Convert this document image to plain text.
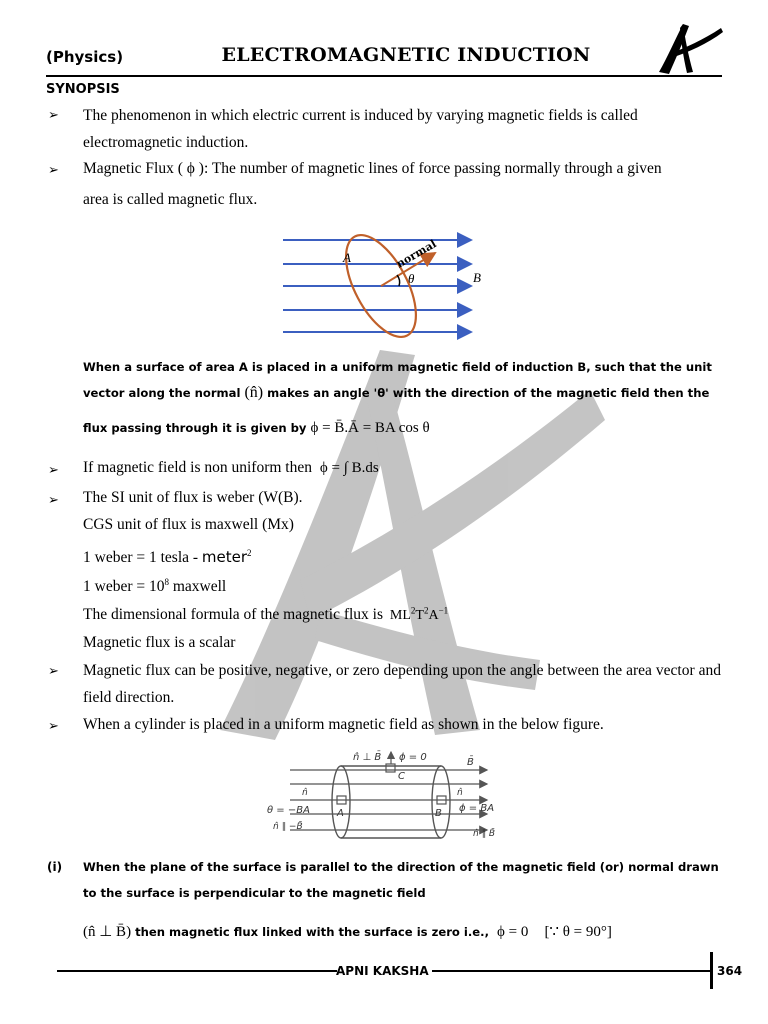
(Physics)	ELECTROMAGNETIC INDUCTION
SYNOPSIS
➢ The phenomenon in which electric current is induced by varying magnetic fields is called
electromagnetic induction.
➢ Magnetic Flux ( ϕ ): The number of magnetic lines of force passing normally through a given
area is called magnetic flux.
A
B
θ
normal
When a surface of area A is placed in a uniform magnetic field of induction B, such that the unit
vector along the normal (n̂) makes an angle 'θ' with the direction of the magnetic field then the
flux passing through it is given by ϕ = B̄.Ā = BA cos θ
➢ If magnetic field is non uniform then ϕ = ∫ B.ds
➢ The SI unit of flux is weber (W(B).
CGS unit of flux is maxwell (Mx)
1 weber = 1 tesla - meter$^2$
1 weber = $10^8$ maxwell
The dimensional formula of the magnetic flux is $ML^2T^2A^{-1}$
Magnetic flux is a scalar
➢ Magnetic flux can be positive, negative, or zero depending upon the angle between the area vector and field direction.
➢ When a cylinder is placed in a uniform magnetic field as shown in the below figure.
n̂ ⊥ B̄ ϕ = 0	B̄
C
n̂
θ = −BA
n̂ ∥ −B̄
A	B
n̂
ϕ = BA
n̂ ∥ B̄
(i) When the plane of the surface is parallel to the direction of the magnetic field (or) normal drawn
to the surface is perpendicular to the magnetic field
(n̂ ⊥ B̄) then magnetic flux linked with the surface is zero i.e., ϕ = 0 [∵ θ = 90°]
APNI KAKSHA	364
